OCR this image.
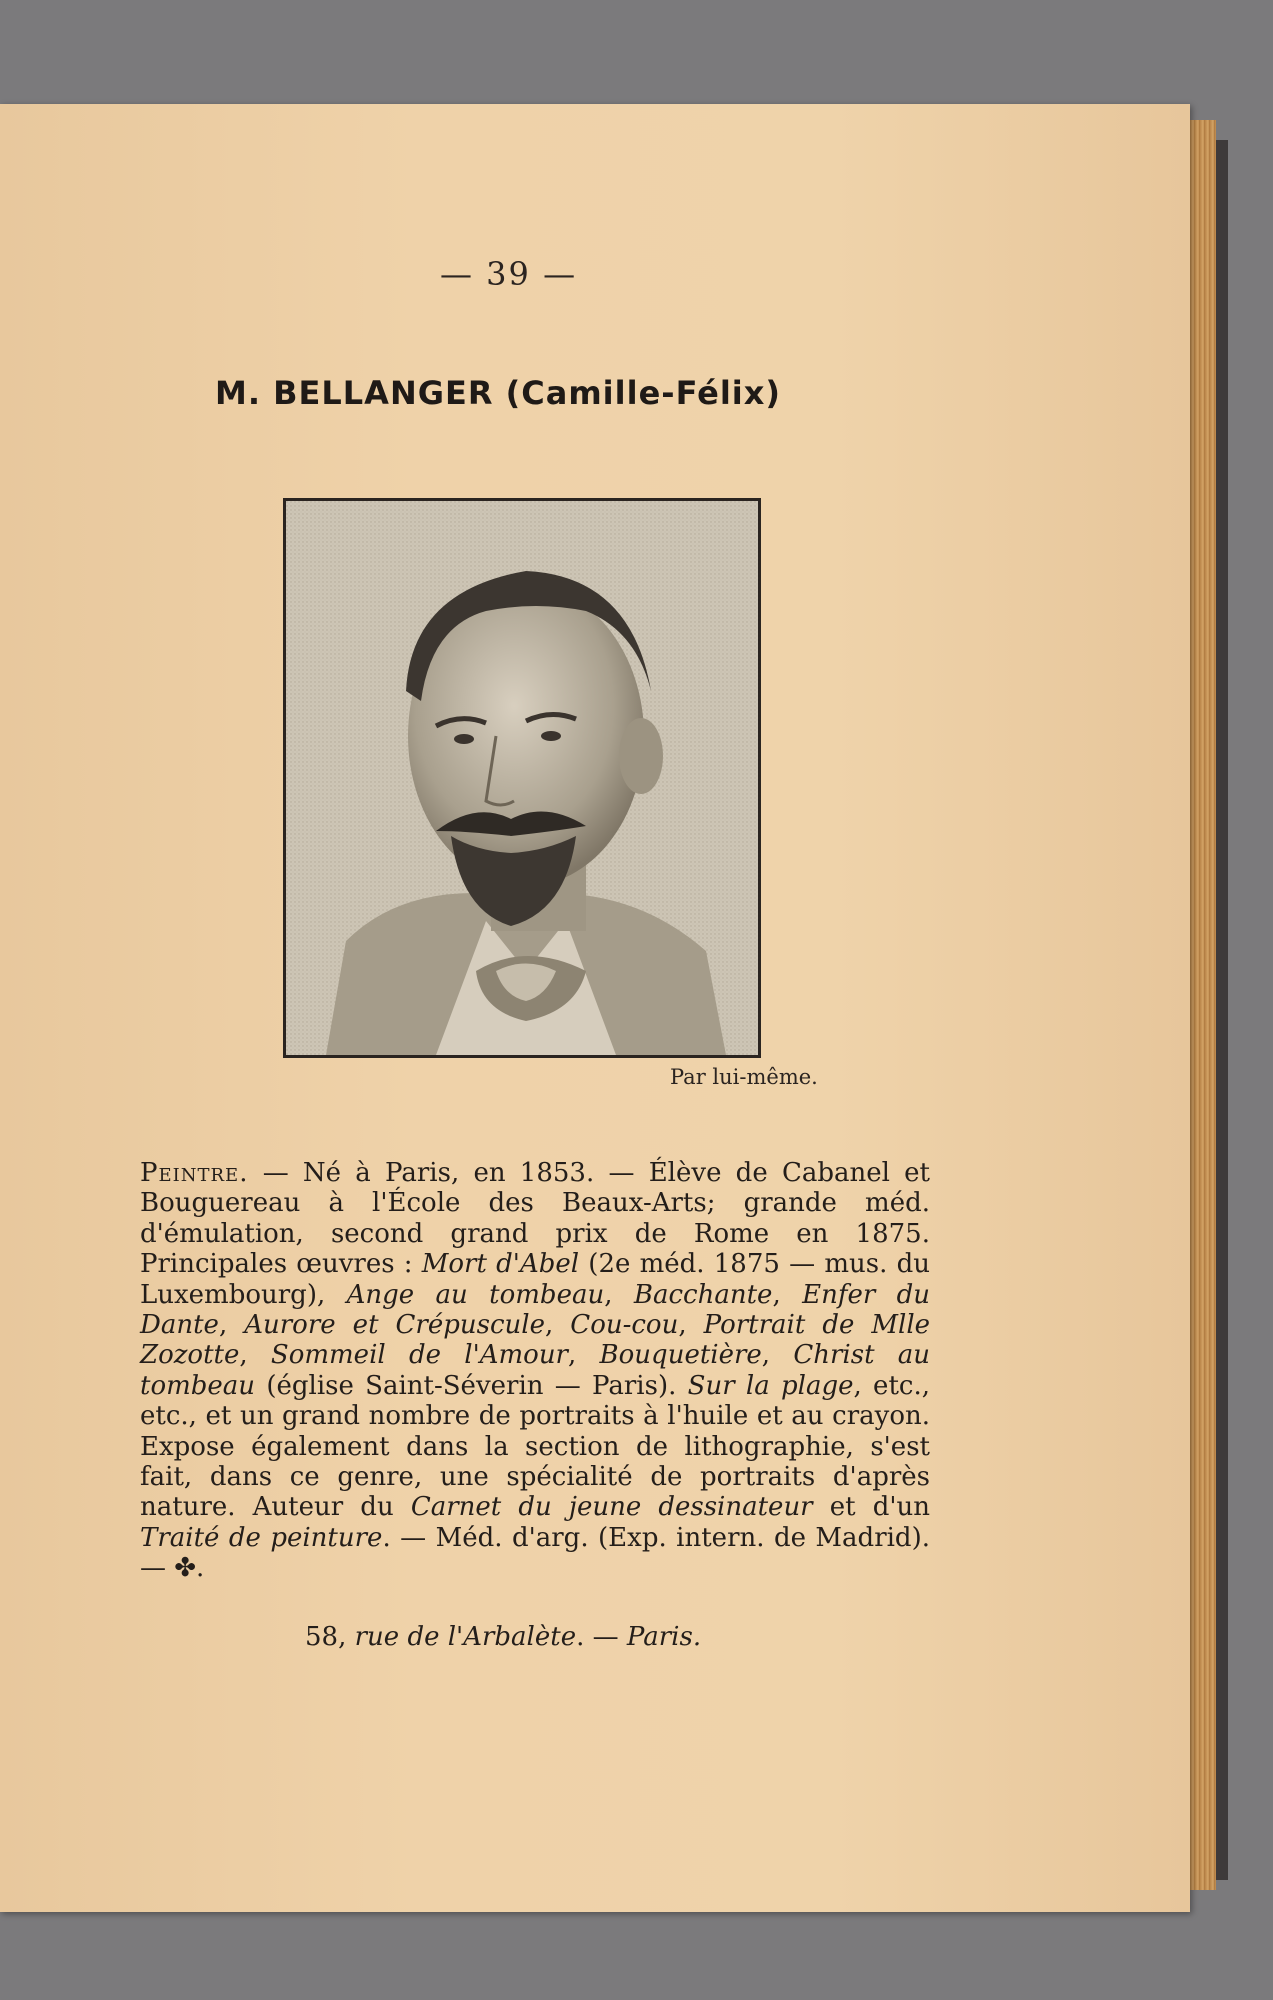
— 39 —
M. BELLANGER (Camille-Félix)
Par lui-même.

Peintre. — Né à Paris, en 1853. — Élève de Cabanel et Bouguereau à l'École des Beaux-Arts; grande méd. d'émulation, second grand prix de Rome en 1875. Principales œuvres : Mort d'Abel (2e méd. 1875 — mus. du Luxembourg), Ange au tombeau, Bacchante, Enfer du Dante, Aurore et Crépuscule, Cou-cou, Portrait de Mlle Zozotte, Sommeil de l'Amour, Bouquetière, Christ au tombeau (église Saint-Séverin — Paris). Sur la plage, etc., etc., et un grand nombre de portraits à l'huile et au crayon. Expose également dans la section de lithographie, s'est fait, dans ce genre, une spécialité de portraits d'après nature. Auteur du Carnet du jeune dessinateur et d'un Traité de peinture. — Méd. d'arg. (Exp. intern. de Madrid). — ✤.

58, rue de l'Arbalète. — Paris.
